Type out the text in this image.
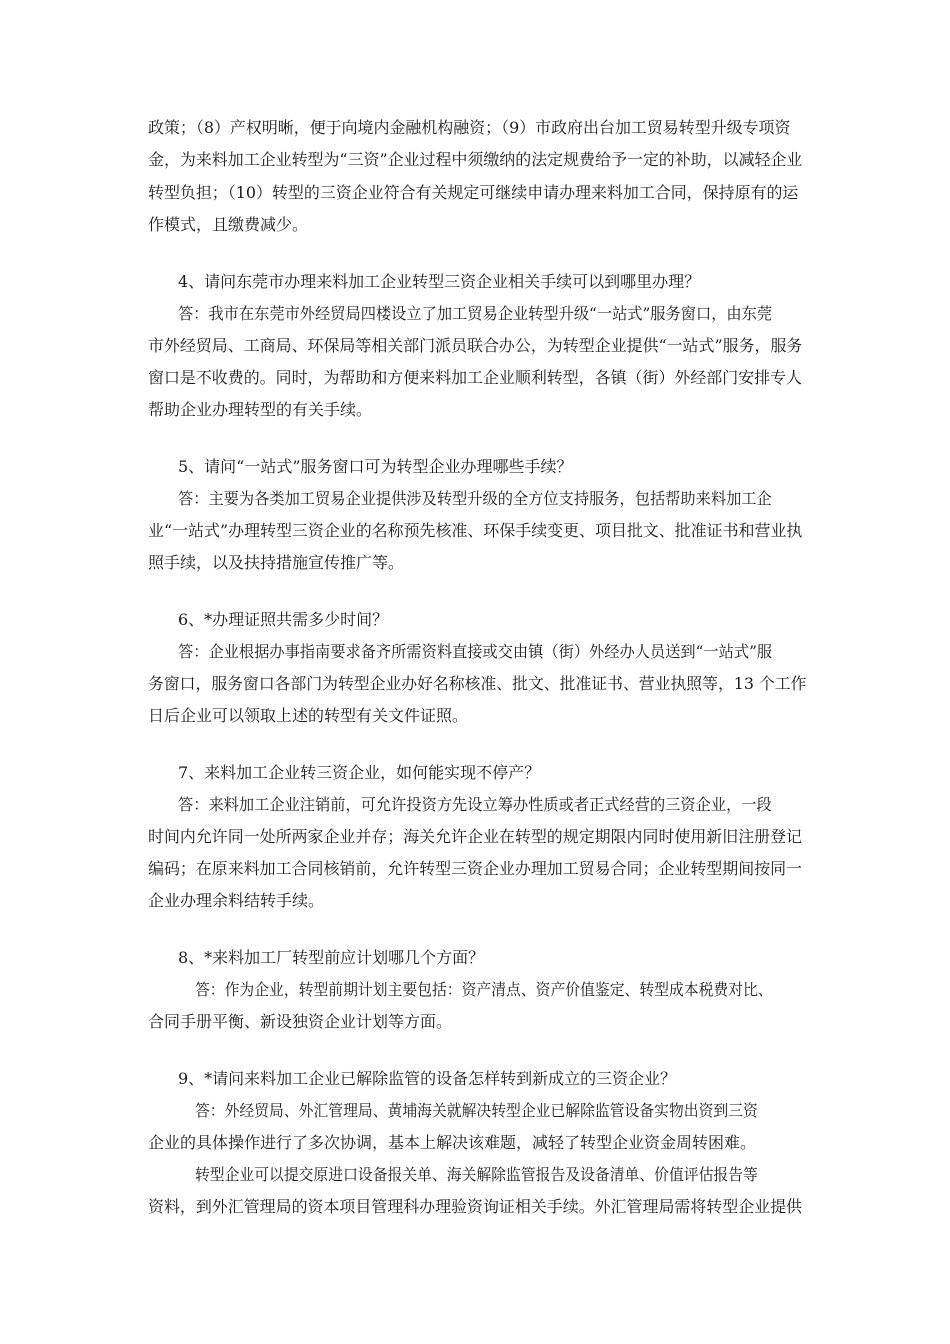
政策；（8）产权明晰，便于向境内金融机构融资；（9）市政府出台加工贸易转型升级专项资
金，为来料加工企业转型为“三资”企业过程中须缴纳的法定规费给予一定的补助，以减轻企业
转型负担；（10）转型的三资企业符合有关规定可继续申请办理来料加工合同，保持原有的运
作模式，且缴费减少。
4、请问东莞市办理来料加工企业转型三资企业相关手续可以到哪里办理？
答：我市在东莞市外经贸局四楼设立了加工贸易企业转型升级“一站式”服务窗口，由东莞
市外经贸局、工商局、环保局等相关部门派员联合办公，为转型企业提供“一站式”服务，服务
窗口是不收费的。同时，为帮助和方便来料加工企业顺利转型，各镇（街）外经部门安排专人
帮助企业办理转型的有关手续。
5、请问“一站式”服务窗口可为转型企业办理哪些手续？
答：主要为各类加工贸易企业提供涉及转型升级的全方位支持服务，包括帮助来料加工企
业“一站式”办理转型三资企业的名称预先核准、环保手续变更、项目批文、批准证书和营业执
照手续，以及扶持措施宣传推广等。
6、*办理证照共需多少时间？
答：企业根据办事指南要求备齐所需资料直接或交由镇（街）外经办人员送到“一站式”服
务窗口，服务窗口各部门为转型企业办好名称核准、批文、批准证书、营业执照等，13 个工作
日后企业可以领取上述的转型有关文件证照。
7、来料加工企业转三资企业，如何能实现不停产？
答：来料加工企业注销前，可允许投资方先设立筹办性质或者正式经营的三资企业，一段
时间内允许同一处所两家企业并存；海关允许企业在转型的规定期限内同时使用新旧注册登记
编码；在原来料加工合同核销前，允许转型三资企业办理加工贸易合同；企业转型期间按同一
企业办理余料结转手续。
8、*来料加工厂转型前应计划哪几个方面？
答：作为企业，转型前期计划主要包括：资产清点、资产价值鉴定、转型成本税费对比、
合同手册平衡、新设独资企业计划等方面。
9、*请问来料加工企业已解除监管的设备怎样转到新成立的三资企业？
答：外经贸局、外汇管理局、黄埔海关就解决转型企业已解除监管设备实物出资到三资
企业的具体操作进行了多次协调，基本上解决该难题，减轻了转型企业资金周转困难。
转型企业可以提交原进口设备报关单、海关解除监管报告及设备清单、价值评估报告等
资料，到外汇管理局的资本项目管理科办理验资询证相关手续。外汇管理局需将转型企业提供
